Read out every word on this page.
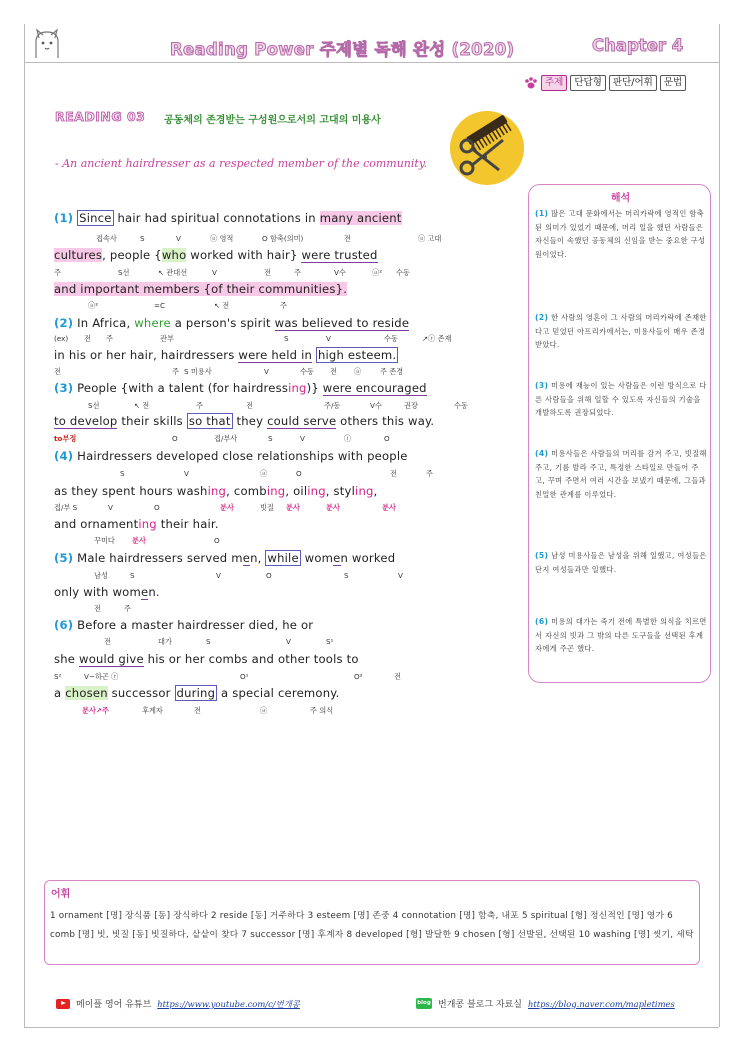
Reading Power 주제별 독해 완성 (2020)	Chapter 4
주제	단답형	판단/어휘	문법
READING 03 공동체의 존경받는 구성원으로서의 고대의 미용사
- An ancient hairdresser as a respected member of the community.
(1) Since hair had spiritual connotations in many ancient
접속사	S	V	ⓐ 영적	O 함축(의미)	전	ⓐ 고대
cultures, people {who worked with hair} were trusted
주	S선	↖ 관대선	V	전	주	V수	ⓐ² 수동
and important members {of their communities}.
ⓐ²	=C	↖ 전	주
(2) In Africa, where a person's spirit was believed to reside
(ex) 전 주	관부	S	V	수동	↗ⓡ 존재
in his or her hair, hairdressers were held in high esteem.
전	주 S 미용사	V	수동 전 ⓐ	주 존경
(3) People {with a talent (for hairdressing)} were encouraged
S선	↖ 전	주	전	주/동	V수	권장	수동
to develop their skills so that they could serve others this way.
to부정	O	접/부사	S	V	ⓘ	O
(4) Hairdressers developed close relationships with people
S	V	ⓐ	O	전	주
as they spent hours washing, combing, oiling, styling,
접/부 S	V	O	분사	빗질 분사	분사	분사
and ornamenting their hair.
꾸미다 분사	O
(5) Male hairdressers served men, while women worked
남성	S	V	O	S	V
only with women.
전	주
(6) Before a master hairdresser died, he or
전	대가	S	V	S¹
she would give his or her combs and other tools to
S²	V~하곤 ⓡ	O¹	O²	전
a chosen successor during a special ceremony.
분사↗주	후계자	전	ⓐ	주 의식
해석
(1) 많은 고대 문화에서는 머리카락에 영적인 함축된 의미가 있었기 때문에, 머리 일을 했던 사람들은 자신들이 속했던 공동체의 신임을 받는 중요한 구성원이었다.
(2) 한 사람의 영혼이 그 사람의 머리카락에 존재한다고 믿었던 아프리카에서는, 미용사들이 매우 존경받았다.
(3) 미용에 재능이 있는 사람들은 이런 방식으로 다른 사람들을 위해 일할 수 있도록 자신들의 기술을 개발하도록 권장되었다.
(4) 미용사들은 사람들의 머리를 감겨 주고, 빗질해 주고, 기름 발라 주고, 특정한 스타일로 만들어 주고, 꾸며 주면서 여러 시간을 보냈기 때문에, 그들과 친밀한 관계를 이루었다.
(5) 남성 미용사들은 남성을 위해 일했고, 여성들은 단지 여성들과만 일했다.
(6) 미용의 대가는 죽기 전에 특별한 의식을 치르면서 자신의 빗과 그 밖의 다른 도구들을 선택된 후계자에게 주곤 했다.
어휘
1 ornament [명] 장식품 [동] 장식하다 2 reside [동] 거주하다 3 esteem [명] 존중 4 connotation [명] 함축, 내포 5 spiritual [형] 정신적인 [명] 영가 6 comb [명] 빗, 빗질 [동] 빗질하다, 샅샅이 찾다 7 successor [명] 후계자 8 developed [형] 발달한 9 chosen [형] 선발된, 선택된 10 washing [명] 씻기, 세탁
메이플 영어 유튜브 https://www.youtube.com/c/번개콩	blog 번개콩 블로그 자료실 https://blog.naver.com/mapletimes
